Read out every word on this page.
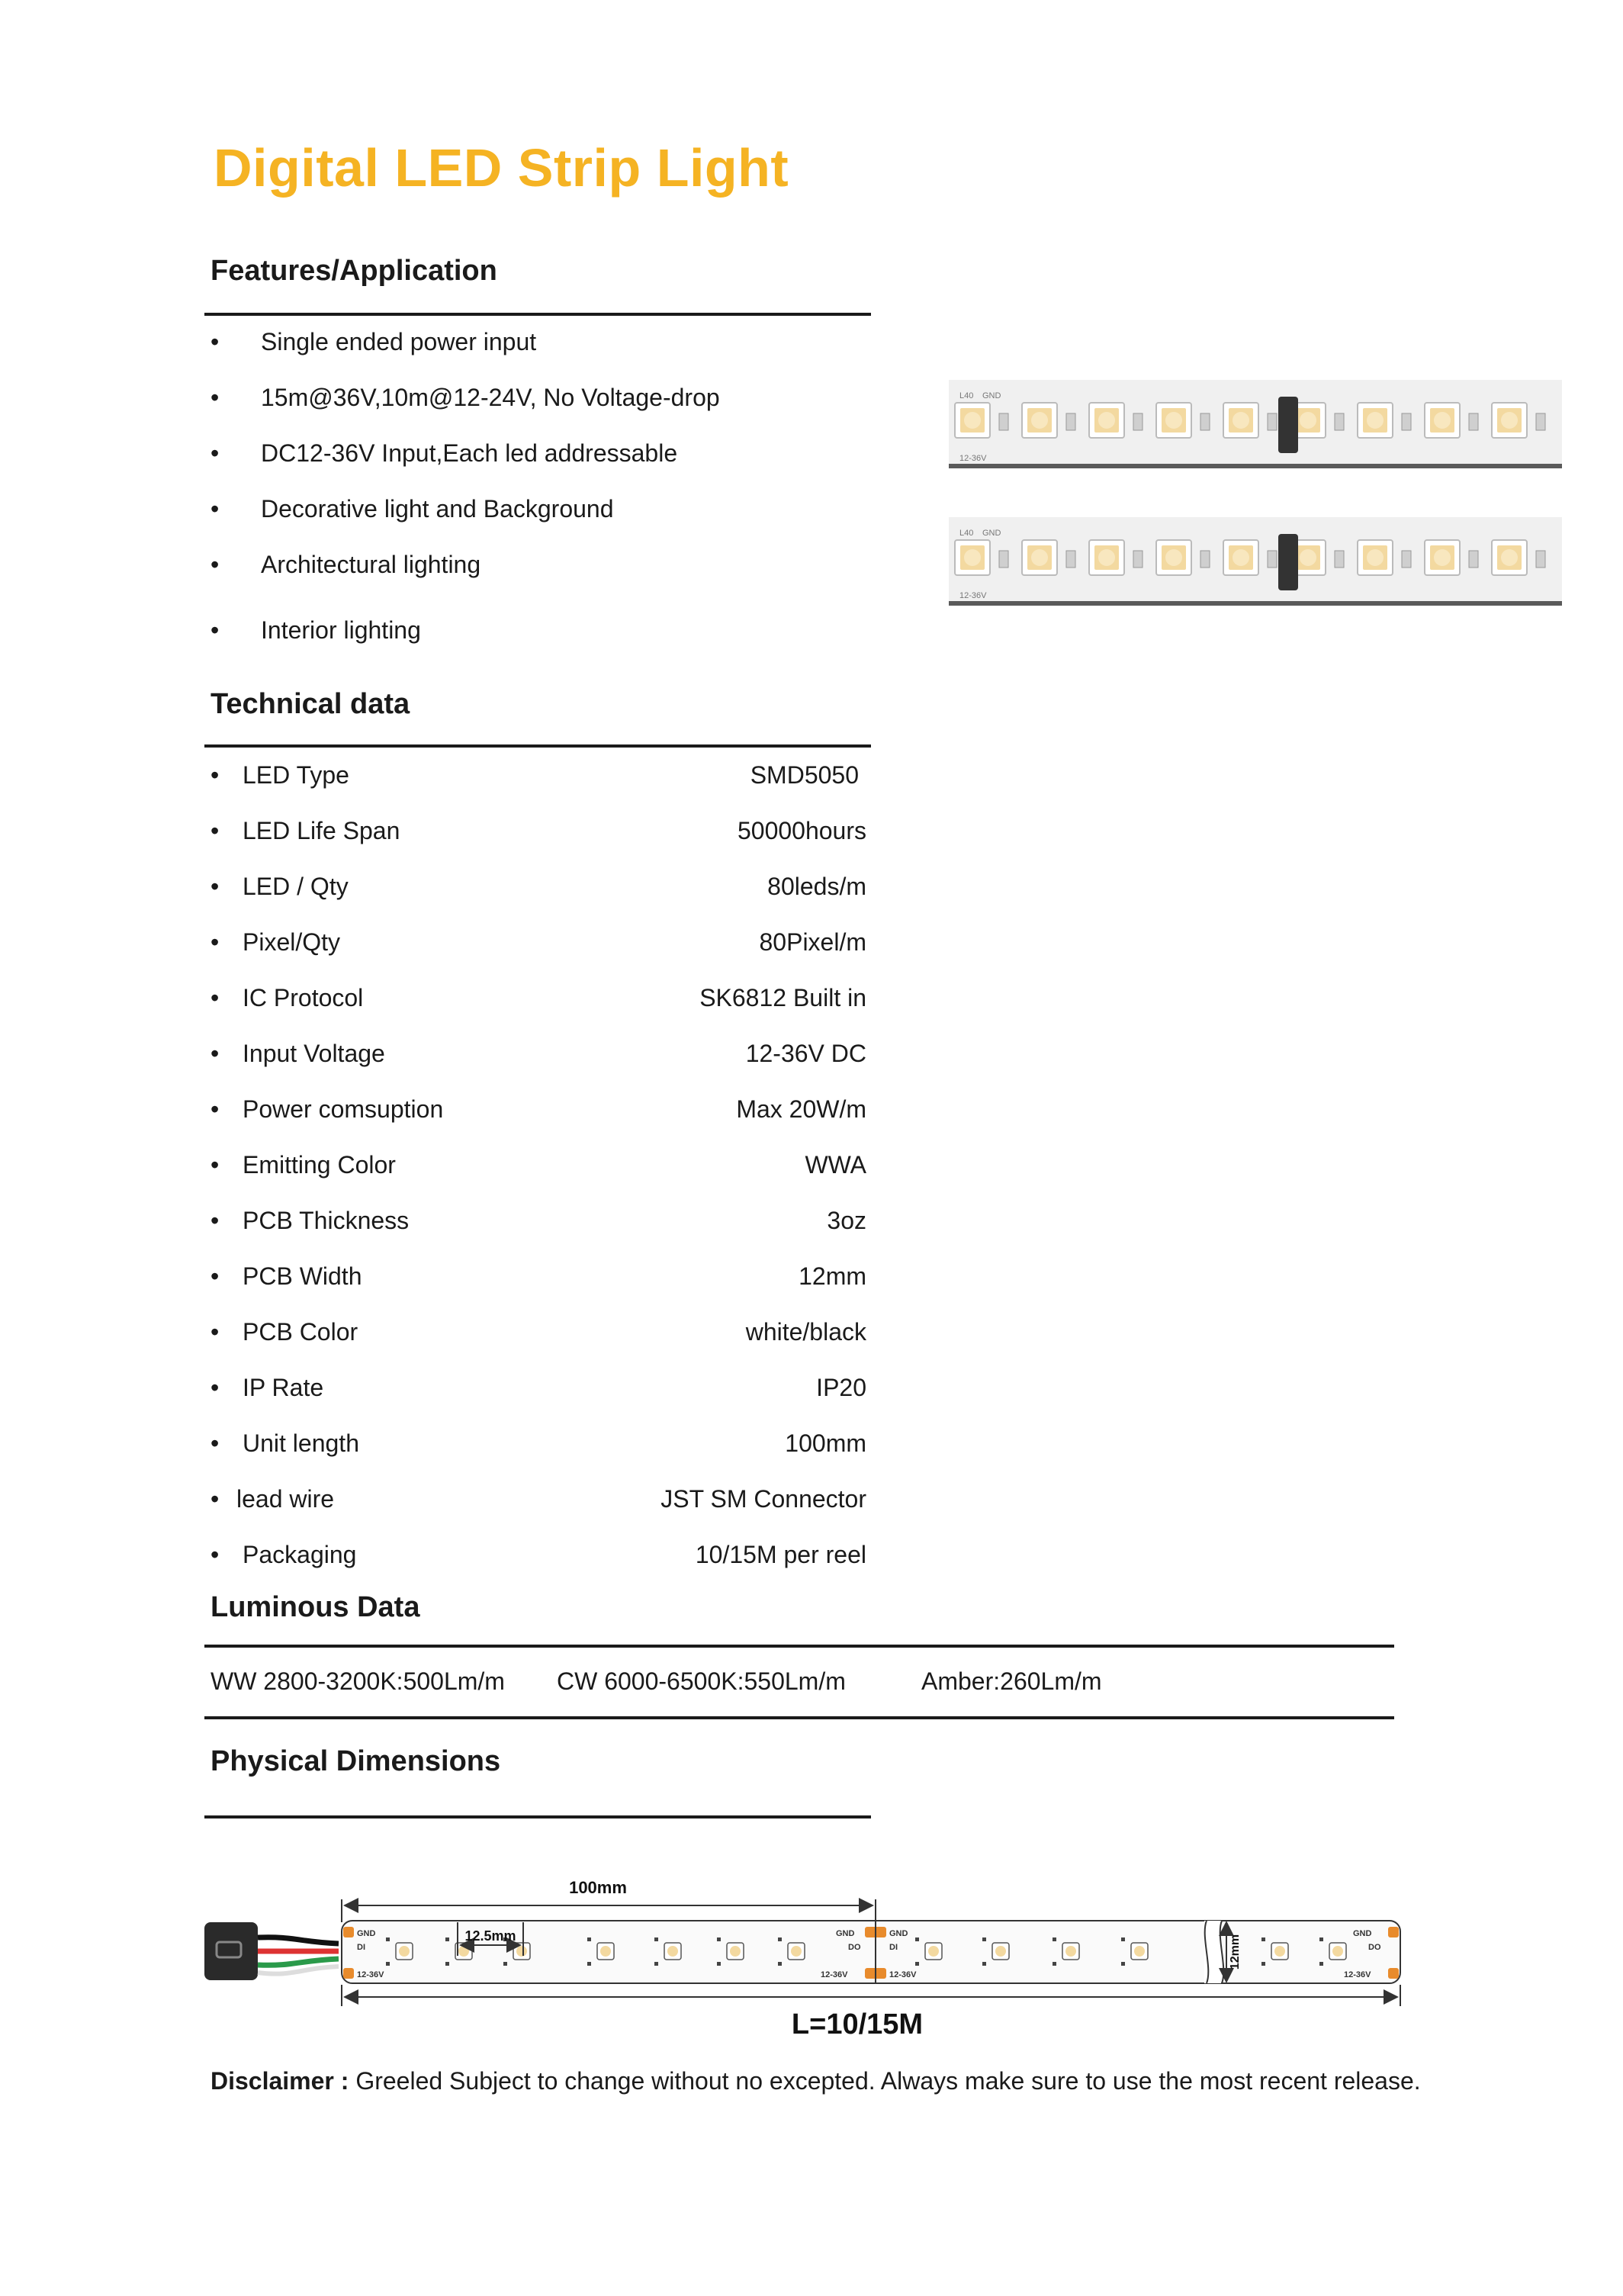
Digital LED Strip Light
Features/Application
• Single ended power input
• 15m@36V,10m@12-24V, No Voltage-drop
• DC12-36V Input,Each led addressable
• Decorative light and Background
• Architectural lighting
• Interior lighting
L40 GND
12-36V
L40 GND
12-36V
Technical data
• LED Type	SMD5050
• LED Life Span	50000hours
• LED / Qty	80leds/m
• Pixel/Qty	80Pixel/m
• IC Protocol	SK6812 Built in
• Input Voltage	12-36V DC
• Power comsuption	Max 20W/m
• Emitting Color	WWA
• PCB Thickness	3oz
• PCB Width	12mm
• PCB Color	white/black
• IP Rate	IP20
• Unit length	100mm
• lead wire	JST SM Connector
• Packaging	10/15M per reel
Luminous Data
WW 2800-3200K:500Lm/m CW 6000-6500K:550Lm/m	Amber:260Lm/m
Physical Dimensions
GND
DI
12-36V
GND
DO
12-36V
GND
DI
12-36V
GND
DO
12-36V
100mm
12.5mm	12mm
L=10/15M
Disclaimer : Greeled Subject to change without no excepted. Always make sure to use the most recent release.
